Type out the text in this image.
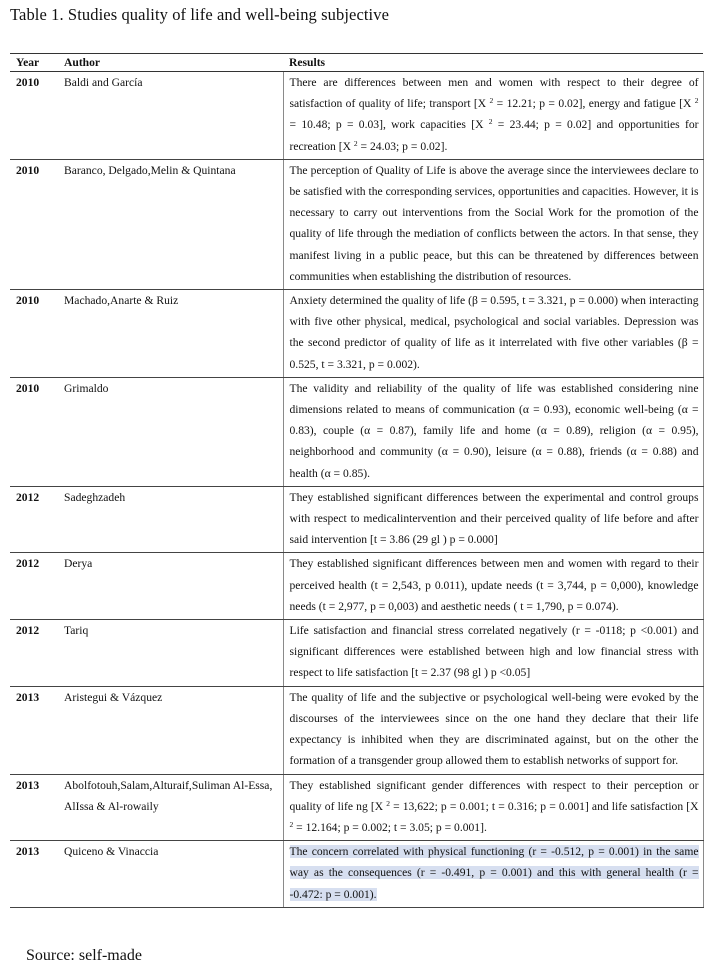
Table 1. Studies quality of life and well-being subjective
Year	Author	Results
2010	Baldi and García	There are differences between men and women with respect to their degree of satisfaction of quality of life; transport [X $^2$ = 12.21; p = 0.02], energy and fatigue [X $^2$ = 10.48; p = 0.03], work capacities [X $^2$ = 23.44; p = 0.02] and opportunities for recreation [X $^2$ = 24.03; p = 0.02].
2010	Baranco, Delgado,Melin & Quintana	The perception of Quality of Life is above the average since the interviewees declare to be satisfied with the corresponding services, opportunities and capacities. However, it is necessary to carry out interventions from the Social Work for the promotion of the quality of life through the mediation of conflicts between the actors. In that sense, they manifest living in a public peace, but this can be threatened by differences between communities when establishing the distribution of resources.
2010	Machado,Anarte & Ruiz	Anxiety determined the quality of life (β = 0.595, t = 3.321, p = 0.000) when interacting with five other physical, medical, psychological and social variables. Depression was the second predictor of quality of life as it interrelated with five other variables (β = 0.525, t = 3.321, p = 0.002).
2010	Grimaldo	The validity and reliability of the quality of life was established considering nine dimensions related to means of communication (α = 0.93), economic well-being (α = 0.83), couple (α = 0.87), family life and home (α = 0.89), religion (α = 0.95), neighborhood and community (α = 0.90), leisure (α = 0.88), friends (α = 0.88) and health (α = 0.85).
2012	Sadeghzadeh	They established significant differences between the experimental and control groups with respect to medicalintervention and their perceived quality of life before and after said intervention [t = 3.86 (29 gl ) p = 0.000]
2012	Derya	They established significant differences between men and women with regard to their perceived health (t = 2,543, p 0.011), update needs (t = 3,744, p = 0,000), knowledge needs (t = 2,977, p = 0,003) and aesthetic needs ( t = 1,790, p = 0.074).
2012	Tariq	Life satisfaction and financial stress correlated negatively (r = -0118; p <0.001) and significant differences were established between high and low financial stress with respect to life satisfaction [t = 2.37 (98 gl ) p <0.05]
2013	Aristegui & Vázquez	The quality of life and the subjective or psychological well-being were evoked by the discourses of the interviewees since on the one hand they declare that their life expectancy is inhibited when they are discriminated against, but on the other the formation of a transgender group allowed them to establish networks of support for.
2013	Abolfotouh,Salam,Alturaif,Suliman Al-Essa, AlIssa & Al-rowaily	They established significant gender differences with respect to their perception or quality of life ng [X $^2$ = 13,622; p = 0.001; t = 0.316; p = 0.001] and life satisfaction [X $^2$ = 12.164; p = 0.002; t = 3.05; p = 0.001].
2013	Quiceno & Vinaccia	The concern correlated with physical functioning (r = -0.512, p = 0.001) in the same way as the consequences (r = -0.491, p = 0.001) and this with general health (r = -0.472: p = 0.001).
Source: self-made
